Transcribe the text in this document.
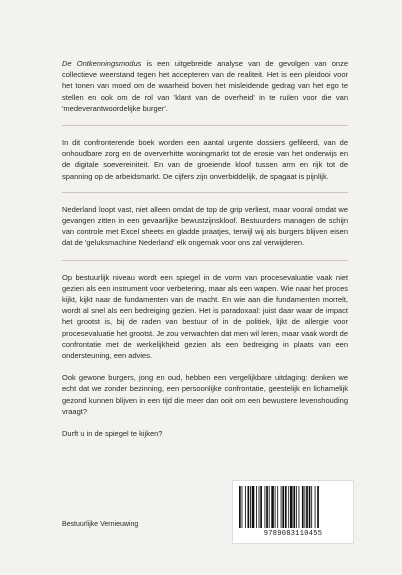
De Ontkenningsmodus is een uitgebreide analyse van de gevolgen van onze collectieve weerstand tegen het accepteren van de realiteit. Het is een pleidooi voor het tonen van moed om de waarheid boven het misleidende gedrag van het ego te stellen en ook om de rol van 'klant van de overheid' in te ruilen voor die van 'medeverantwoordelijke burger'.

In dit confronterende boek worden een aantal urgente dossiers gefileerd, van de onhoudbare zorg en de oververhitte woningmarkt tot de erosie van het onderwijs en de digitale soevereiniteit. En van de groeiende kloof tussen arm en rijk tot de spanning op de arbeidsmarkt. De cijfers zijn onverbiddelijk, de spagaat is pijnlijk.

Nederland loopt vast, niet alleen omdat de top de grip verliest, maar vooral omdat we gevangen zitten in een gevaarlijke bewustzijnskloof. Bestuurders managen de schijn van controle met Excel sheets en gladde praatjes, terwijl wij als burgers blijven eisen dat de 'geluksmachine Nederland' elk ongemak voor ons zal verwijderen.

Op bestuurlijk niveau wordt een spiegel in de vorm van procesevaluatie vaak niet gezien als een instrument voor verbetering, maar als een wapen. Wie naar het proces kijkt, kijkt naar de fundamenten van de macht. En wie aan die fundamenten morrelt, wordt al snel als een bedreiging gezien. Het is paradoxaal: juist daar waar de impact het grootst is, bij de raden van bestuur of in de politiek, lijkt de allergie voor procesevaluatie het grootst. Je zou verwachten dat men wil leren, maar vaak wordt de confrontatie met de werkelijkheid gezien als een bedreiging in plaats van een ondersteuning, een advies.

Ook gewone burgers, jong en oud, hebben een vergelijkbare uitdaging: denken we echt dat we zonder bezinning, een persoonlijke confrontatie, geestelijk en lichamelijk gezond kunnen blijven in een tijd die meer dan ooit om een bewustere levenshouding vraagt?

Durft u in de spiegel te kijken?

Bestuurlijke Vernieuwing
9789083110455
